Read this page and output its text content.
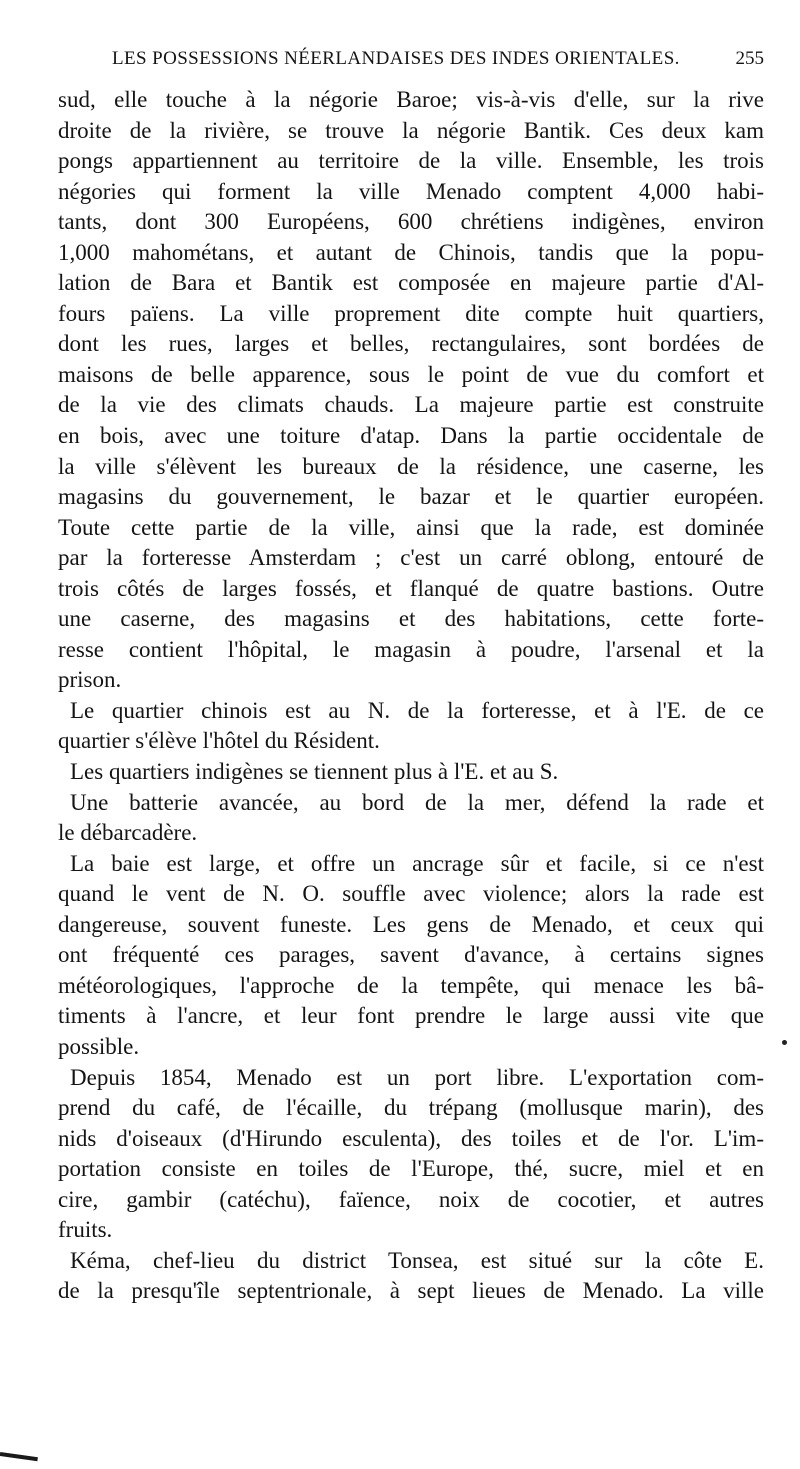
LES POSSESSIONS NÉERLANDAISES DES INDES ORIENTALES.	255
sud, elle touche à la négorie Baroe; vis-à-vis d'elle, sur la rive
droite de la rivière, se trouve la négorie Bantik. Ces deux kam
pongs appartiennent au territoire de la ville. Ensemble, les trois
négories qui forment la ville Menado comptent 4,000 habi-
tants, dont 300 Européens, 600 chrétiens indigènes, environ
1,000 mahométans, et autant de Chinois, tandis que la popu-
lation de Bara et Bantik est composée en majeure partie d'Al-
fours païens. La ville proprement dite compte huit quartiers,
dont les rues, larges et belles, rectangulaires, sont bordées de
maisons de belle apparence, sous le point de vue du comfort et
de la vie des climats chauds. La majeure partie est construite
en bois, avec une toiture d'atap. Dans la partie occidentale de
la ville s'élèvent les bureaux de la résidence, une caserne, les
magasins du gouvernement, le bazar et le quartier européen.
Toute cette partie de la ville, ainsi que la rade, est dominée
par la forteresse Amsterdam ; c'est un carré oblong, entouré de
trois côtés de larges fossés, et flanqué de quatre bastions. Outre
une caserne, des magasins et des habitations, cette forte-
resse contient l'hôpital, le magasin à poudre, l'arsenal et la
prison.
Le quartier chinois est au N. de la forteresse, et à l'E. de ce
quartier s'élève l'hôtel du Résident.
Les quartiers indigènes se tiennent plus à l'E. et au S.
Une batterie avancée, au bord de la mer, défend la rade et
le débarcadère.
La baie est large, et offre un ancrage sûr et facile, si ce n'est
quand le vent de N. O. souffle avec violence; alors la rade est
dangereuse, souvent funeste. Les gens de Menado, et ceux qui
ont fréquenté ces parages, savent d'avance, à certains signes
météorologiques, l'approche de la tempête, qui menace les bâ-
timents à l'ancre, et leur font prendre le large aussi vite que
possible.
Depuis 1854, Menado est un port libre. L'exportation com-
prend du café, de l'écaille, du trépang (mollusque marin), des
nids d'oiseaux (d'Hirundo esculenta), des toiles et de l'or. L'im-
portation consiste en toiles de l'Europe, thé, sucre, miel et en
cire, gambir (catéchu), faïence, noix de cocotier, et autres
fruits.
Kéma, chef-lieu du district Tonsea, est situé sur la côte E.
de la presqu'île septentrionale, à sept lieues de Menado. La ville
